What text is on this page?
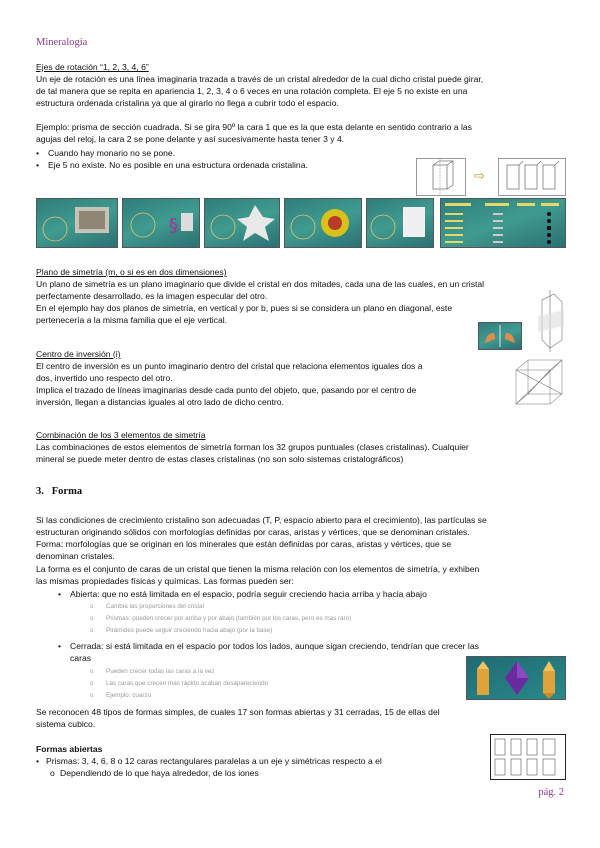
Mineralogía
Ejes de rotación “1, 2, 3, 4, 6”
Un eje de rotación es una línea imaginaria trazada a través de un cristal alrededor de la cual dicho cristal puede girar,
de tal manera que se repita en apariencia 1, 2, 3, 4 o 6 veces en una rotación completa. El eje 5 no existe en una
estructura ordenada cristalina ya que al girarlo no llega a cubrir todo el espacio.
Ejemplo: prisma de sección cuadrada. Si se gira 90º la cara 1 que es la que esta delante en sentido contrario a las
agujas del reloj, la cara 2 se pone delante y así sucesivamente hasta tener 3 y 4.
• Cuando hay monario no se pone.
• Eje 5 no existe. No es posible en una estructura ordenada cristalina.
⇨
§
Plano de simetría (m, o si es en dos dimensiones)
Un plano de simetría es un plano imaginario que divide el cristal en dos mitades, cada una de las cuales, en un cristal
perfectamente desarrollado, es la imagen especular del otro.
En el ejemplo hay dos planos de simetría, en vertical y por b, pues si se considera un plano en diagonal, este
pertenecería a la misma familia que el eje vertical.
Centro de inversión (i)
El centro de inversión es un punto imaginario dentro del cristal que relaciona elementos iguales dos a
dos, invertido uno respecto del otro.
Implica el trazado de líneas imaginarias desde cada punto del objeto, que, pasando por el centro de
inversión, llegan a distancias iguales al otro lado de dicho centro.
Combinación de los 3 elementos de simetría
Las combinaciones de estos elementos de simetría forman los 32 grupos puntuales (clases cristalinas). Cualquier
mineral se puede meter dentro de estas clases cristalinas (no son solo sistemas cristalográficos)
3. Forma
Si las condiciones de crecimiento cristalino son adecuadas (T, P, espacio abierto para el crecimiento), las partículas se
estructuran originando sólidos con morfologías definidas por caras, aristas y vértices, que se denominan cristales.
Forma: morfologías que se originan en los minerales que están definidas por caras, aristas y vértices, que se
denominan cristales.
La forma es el conjunto de caras de un cristal que tienen la misma relación con los elementos de simetría, y exhiben
las mismas propiedades físicas y químicas. Las formas pueden ser:
• Abierta: que no está limitada en el espacio, podría seguir creciendo hacia arriba y hacia abajo
o Cambia las proporciones del cristal
o Prismas: pueden crecer por arriba y por abajo (también por los caras, pero es mas raro)
o Pirámides puede seguir creciendo hacia abajo (por la base)
• Cerrada: si está limitada en el espacio por todos los lados, aunque sigan creciendo, tendrían que crecer las
caras
o Pueden crecer todas las caras a la vez
o Las caras que crecen mas rápido acaban desapareciendo
o Ejemplo: cuarzo
Se reconocen 48 tipos de formas simples, de cuales 17 son formas abiertas y 31 cerradas, 15 de ellas del
sistema cubico.
Formas abiertas
• Prismas: 3, 4, 6, 8 o 12 caras rectangulares paralelas a un eje y simétricas respecto a el
o Dependiendo de lo que haya alrededor, de los iones
pág. 2
